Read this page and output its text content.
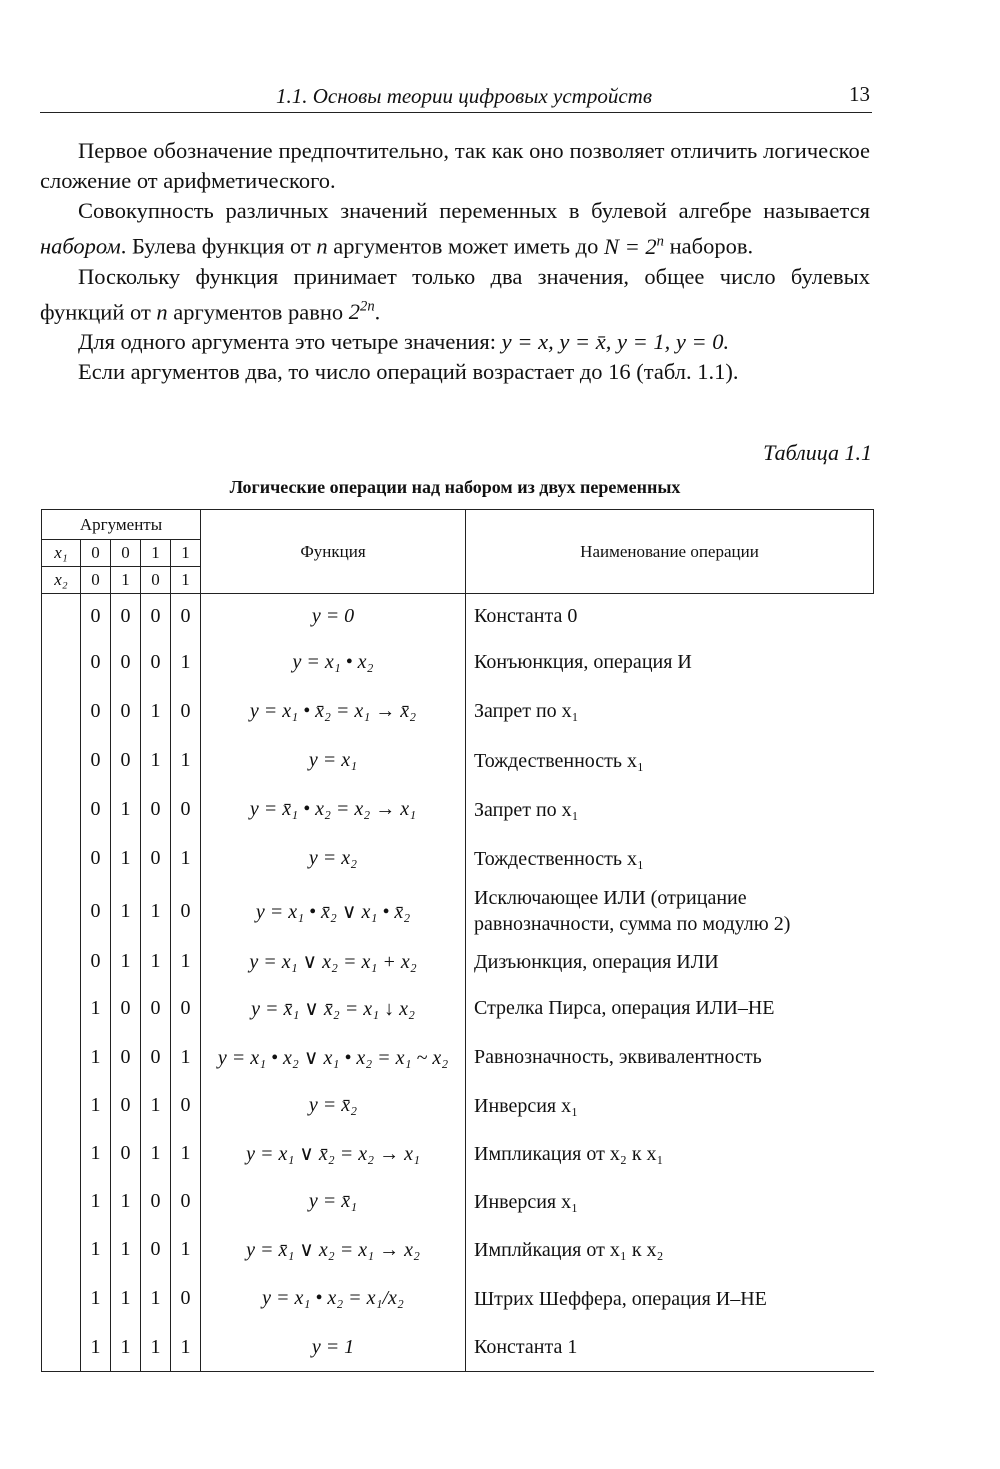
1.1. Основы теории цифровых устройств	13

Первое обозначение предпочтительно, так как оно позволяет отличить логическое сложение от арифметического.

Совокупность различных значений переменных в булевой алгебре называется набором. Булева функция от n аргументов может иметь до $N = 2^n$ наборов.

Поскольку функция принимает только два значения, общее число булевых функций от n аргументов равно $2^{2n}$.

Для одного аргумента это четыре значения: y = x, y = x̄, y = 1, y = 0.

Если аргументов два, то число операций возрастает до 16 (табл. 1.1).

Таблица 1.1
Логические операции над набором из двух переменных
Аргументы					Функция	Наименование операции
x₁	0	0	1	1		
x₂	0	1	0	1		
	0	0	0	0	y = 0	Константа 0
	0	0	0	1	y = x₁ • x₂	Конъюнкция, операция И
	0	0	1	0	y = x₁ • x̄₂ = x₁ → x̄₂	Запрет по x₁
	0	0	1	1	y = x₁	Тождественность x₁
	0	1	0	0	y = x̄₁ • x₂ = x₂ → x₁	Запрет по x₁
	0	1	0	1	y = x₂	Тождественность x₁
	0	1	1	0	y = x₁ • x̄₂ ∨ x₁ • x̄₂	Исключающее ИЛИ (отрицание равнозначности, сумма по модулю 2)
	0	1	1	1	y = x₁ ∨ x₂ = x₁ + x₂	Дизъюнкция, операция ИЛИ
	1	0	0	0	y = x̄₁ ∨ x̄₂ = x₁ ↓ x₂	Стрелка Пирса, операция ИЛИ–НЕ
	1	0	0	1	y = x₁ • x₂ ∨ x₁ • x₂ = x₁ ~ x₂	Равнозначность, эквивалентность
	1	0	1	0	y = x̄₂	Инверсия x₁
	1	0	1	1	y = x₁ ∨ x̄₂ = x₂ → x₁	Импликация от x₂ к x₁
	1	1	0	0	y = x̄₁	Инверсия x₁
	1	1	0	1	y = x̄₁ ∨ x₂ = x₁ → x₂	Имплйкация от x₁ к x₂
	1	1	1	0	y = x₁ • x₂ = x₁/x₂	Штрих Шеффера, операция И–НЕ
	1	1	1	1	y = 1	Константа 1
